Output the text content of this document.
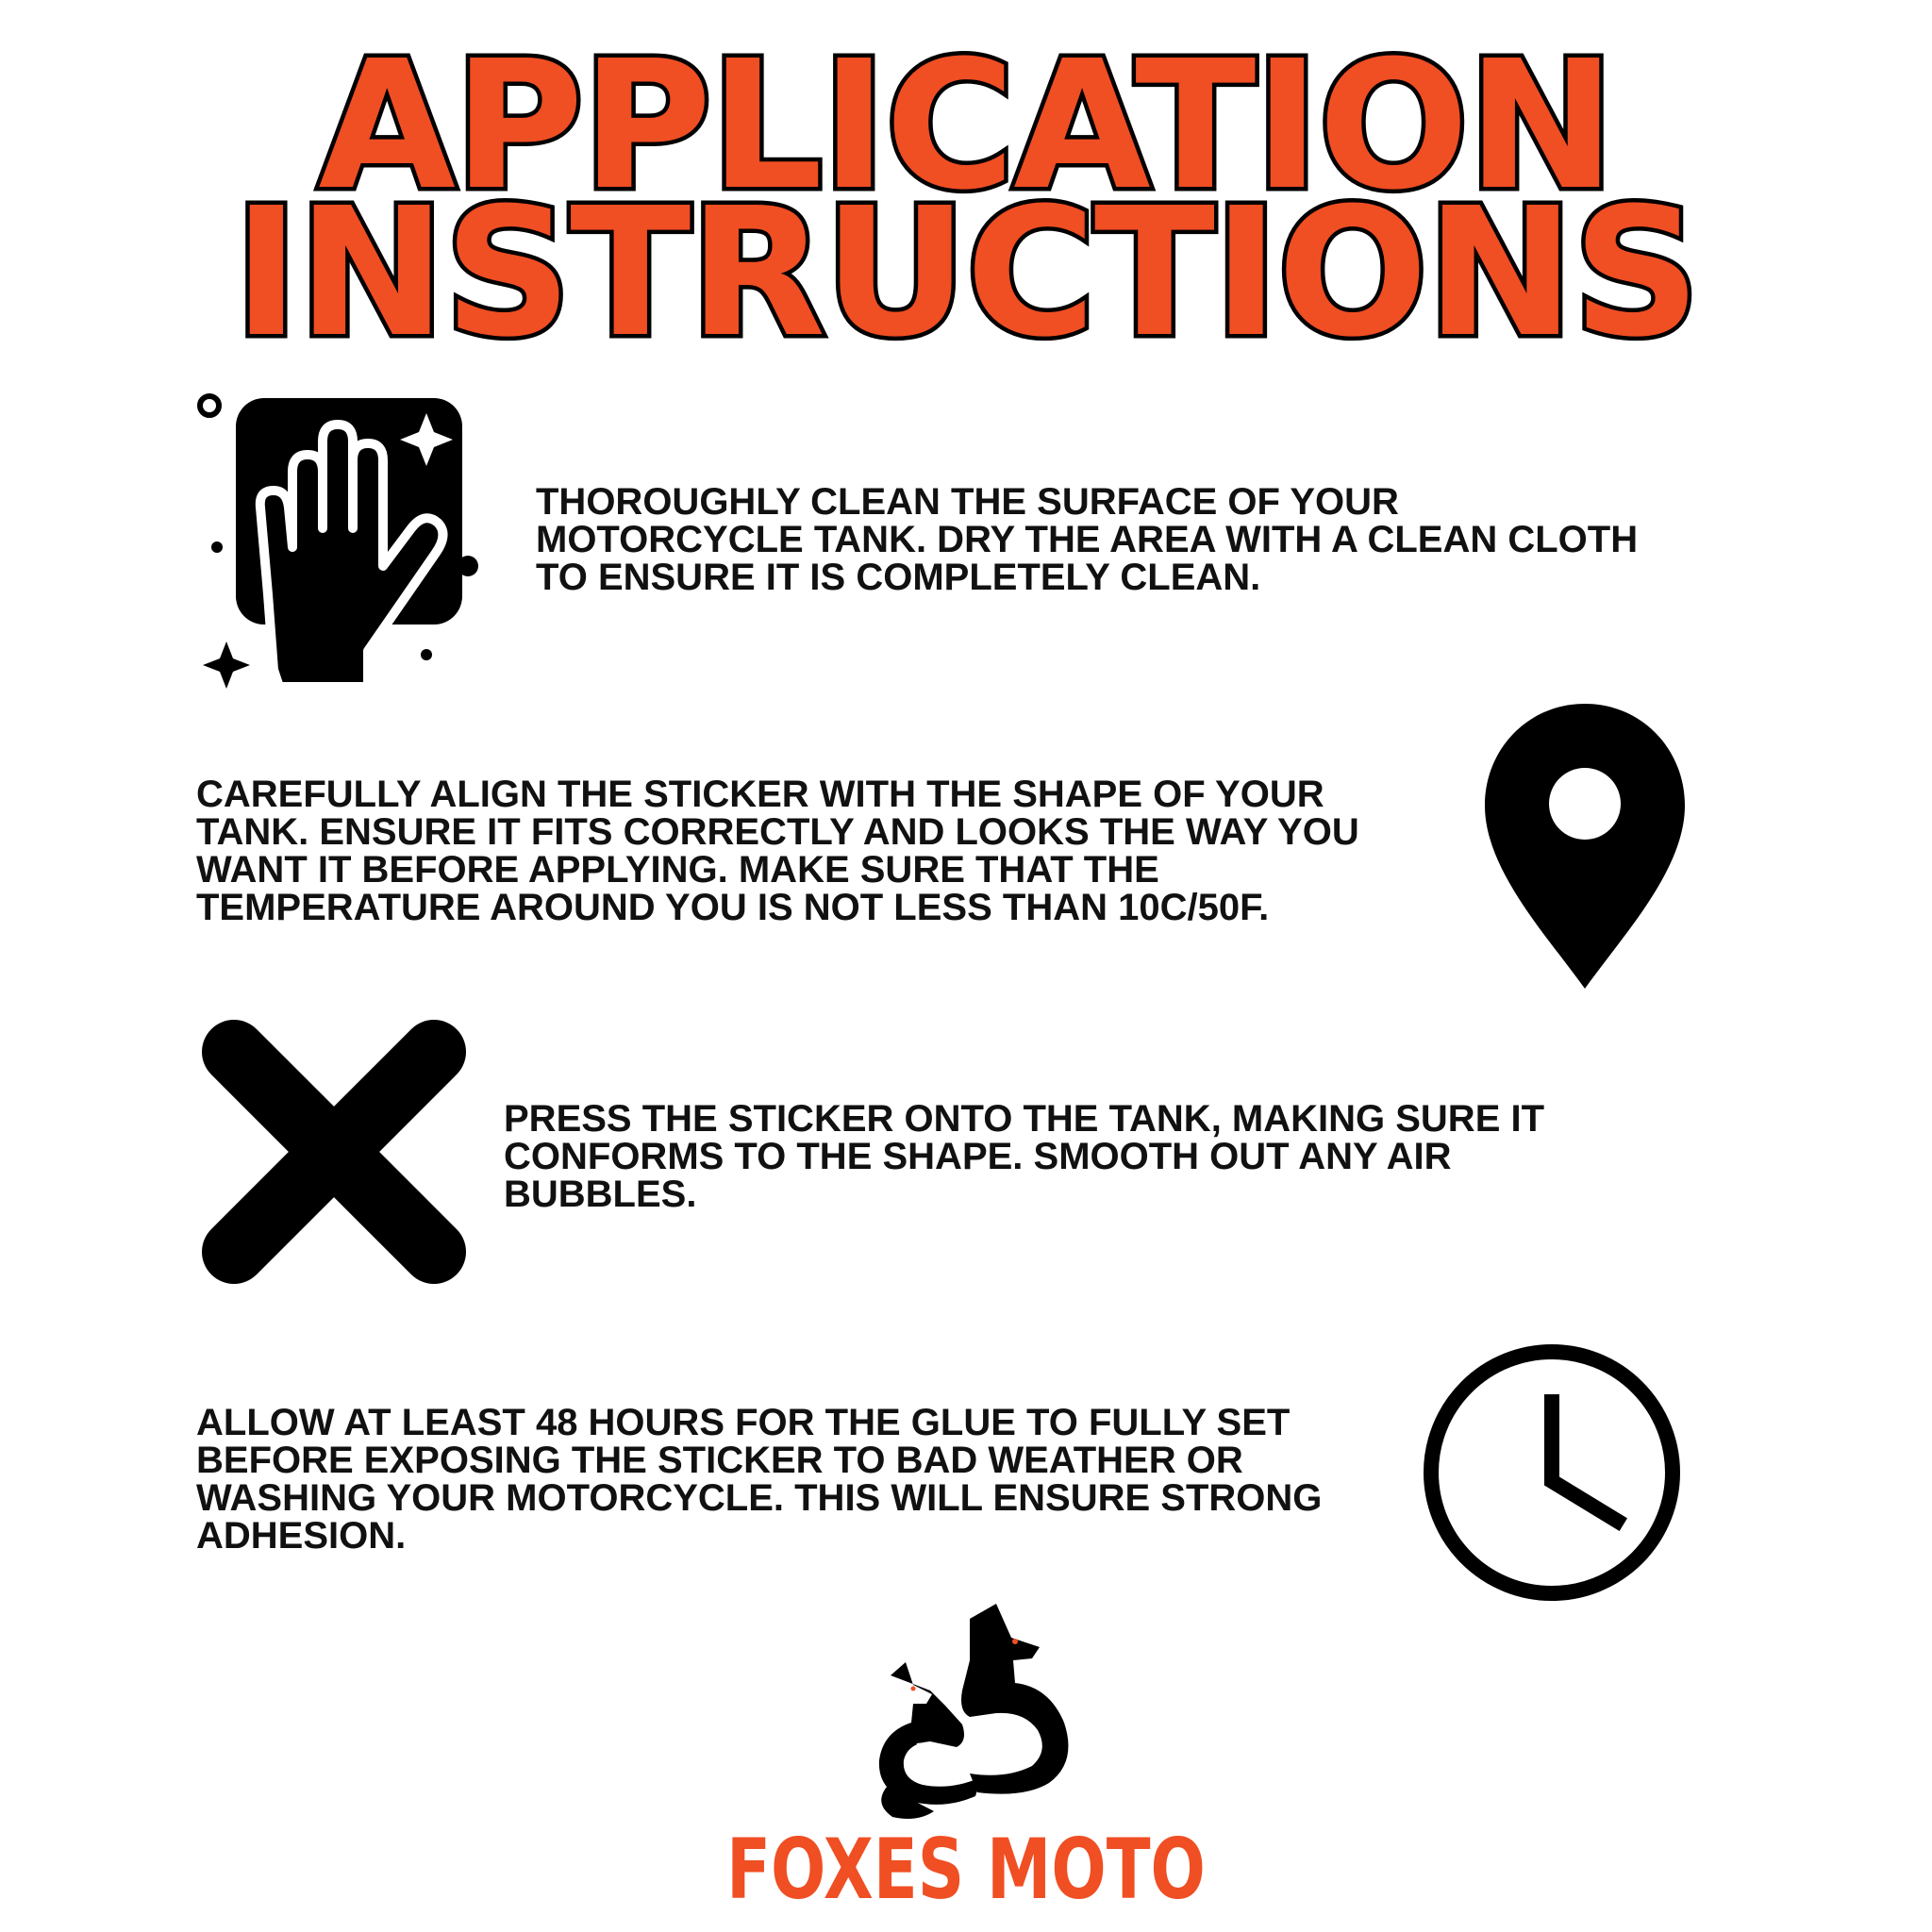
APPLICATION
INSTRUCTIONS

THOROUGHLY CLEAN THE SURFACE OF YOUR
MOTORCYCLE TANK. DRY THE AREA WITH A CLEAN CLOTH
TO ENSURE IT IS COMPLETELY CLEAN.

CAREFULLY ALIGN THE STICKER WITH THE SHAPE OF YOUR
TANK. ENSURE IT FITS CORRECTLY AND LOOKS THE WAY YOU
WANT IT BEFORE APPLYING. MAKE SURE THAT THE
TEMPERATURE AROUND YOU IS NOT LESS THAN 10C/50F.

PRESS THE STICKER ONTO THE TANK, MAKING SURE IT
CONFORMS TO THE SHAPE. SMOOTH OUT ANY AIR
BUBBLES.

ALLOW AT LEAST 48 HOURS FOR THE GLUE TO FULLY SET
BEFORE EXPOSING THE STICKER TO BAD WEATHER OR
WASHING YOUR MOTORCYCLE. THIS WILL ENSURE STRONG
ADHESION.

FOXES MOTO
